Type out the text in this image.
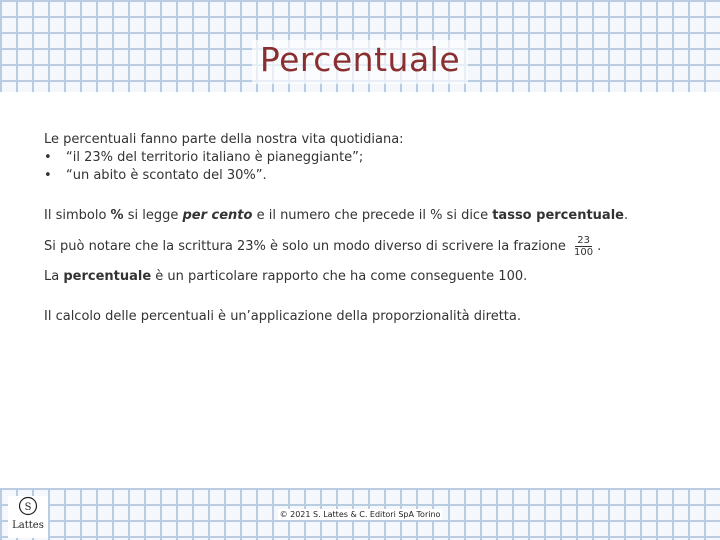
Percentuale
Le percentuali fanno parte della nostra vita quotidiana:
•	“il 23% del territorio italiano è pianeggiante”;
•	“un abito è scontato del 30%”.
Il simbolo % si legge per cento e il numero che precede il % si dice tasso percentuale.
Si può notare che la scrittura 23% è solo un modo diverso di scrivere la frazione $\frac{23}{100}$ .
La percentuale è un particolare rapporto che ha come conseguente 100.
Il calcolo delle percentuali è un’applicazione della proporzionalità diretta.
S
Lattes
© 2021 S. Lattes & C. Editori SpA Torino
